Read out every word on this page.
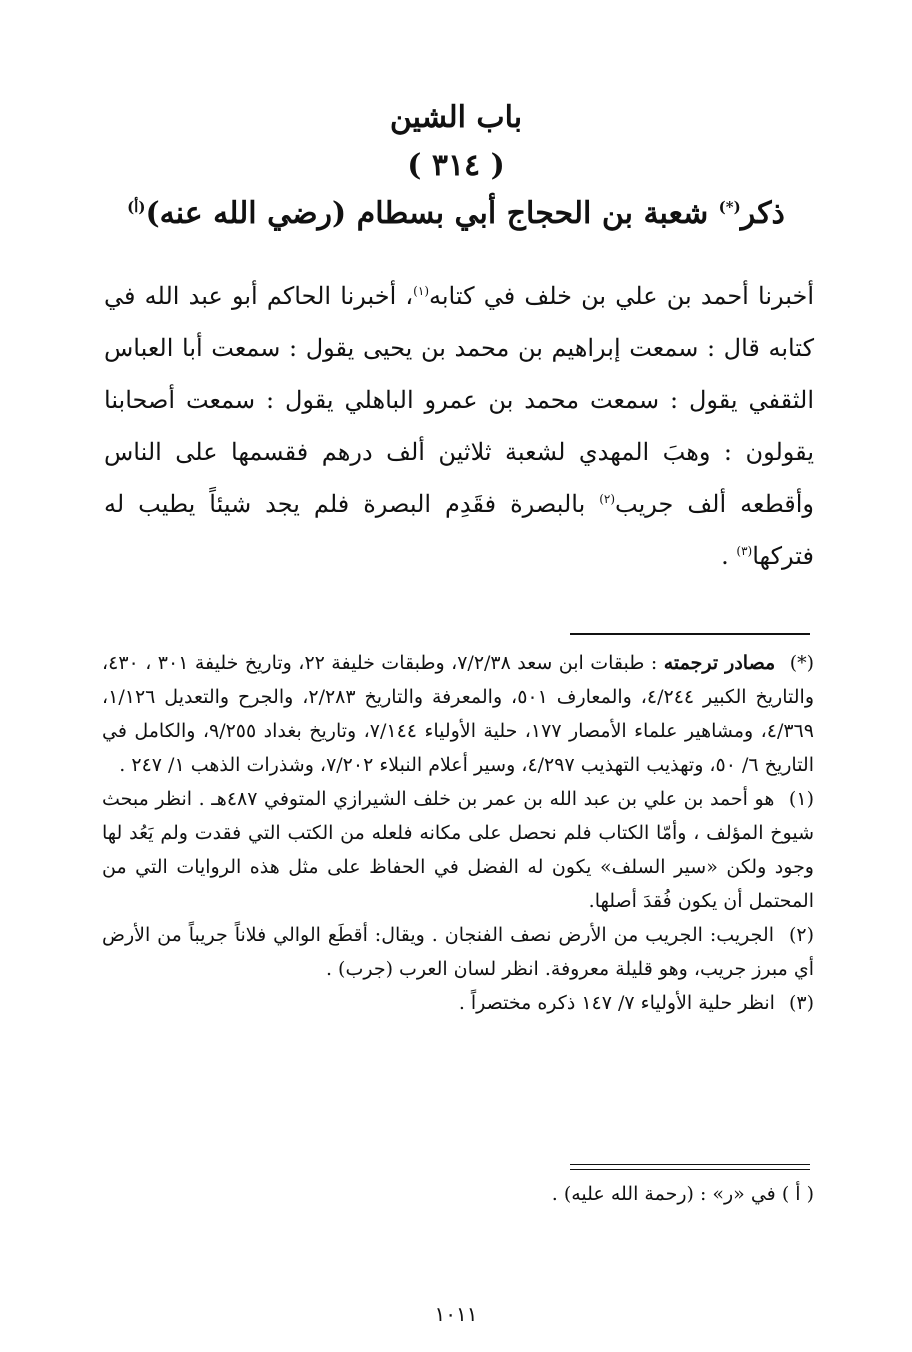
باب الشين
( ٣١٤ )
ذكر(*) شعبة بن الحجاج أبي بسطام (رضي الله عنه)$^{(أ)}$

أخبرنا أحمد بن علي بن خلف في كتابه$^{(١)}$، أخبرنا الحاكم أبو عبد الله في كتابه قال : سمعت إبراهيم بن محمد بن يحيى يقول : سمعت أبا العباس الثقفي يقول : سمعت محمد بن عمرو الباهلي يقول : سمعت أصحابنا يقولون : وهبَ المهدي لشعبة ثلاثين ألف درهم فقسمها على الناس وأقطعه ألف جريب$^{(٢)}$ بالبصرة فقَدِم البصرة فلم يجد شيئاً يطيب له فتركها$^{(٣)}$ .

(*) مصادر ترجمته : طبقات ابن سعد ٧/٢/٣٨، وطبقات خليفة ٢٢، وتاريخ خليفة ٣٠١ ، ٤٣٠، والتاريخ الكبير ٤/٢٤٤، والمعارف ٥٠١، والمعرفة والتاريخ ٢/٢٨٣، والجرح والتعديل ١/١٢٦، ٤/٣٦٩، ومشاهير علماء الأمصار ١٧٧، حلية الأولياء ٧/١٤٤، وتاريخ بغداد ٩/٢٥٥، والكامل في التاريخ ٦/ ٥٠، وتهذيب التهذيب ٤/٢٩٧، وسير أعلام النبلاء ٧/٢٠٢، وشذرات الذهب ١/ ٢٤٧ .

(١) هو أحمد بن علي بن عبد الله بن عمر بن خلف الشيرازي المتوفي ٤٨٧هـ . انظر مبحث شيوخ المؤلف ، وأمّا الكتاب فلم نحصل على مكانه فلعله من الكتب التي فقدت ولم يَعُد لها وجود ولكن «سير السلف» يكون له الفضل في الحفاظ على مثل هذه الروايات التي من المحتمل أن يكون فُقدَ أصلها.

(٢) الجريب: الجريب من الأرض نصف الفنجان . ويقال: أقطَع الوالي فلاناً جريباً من الأرض أي مبرز جريب، وهو قليلة معروفة. انظر لسان العرب (جرب) .

(٣) انظر حلية الأولياء ٧/ ١٤٧ ذكره مختصراً .

( أ ) في «ر» : (رحمة الله عليه) .
١٠١١
